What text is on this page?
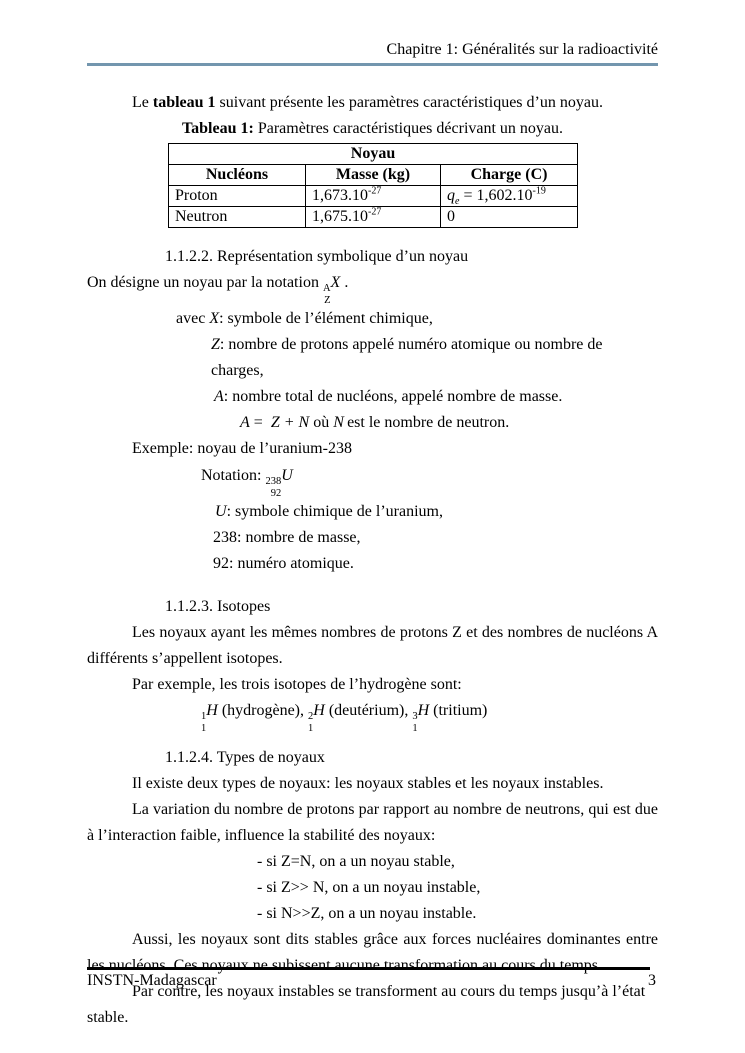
Chapitre 1: Généralités sur la radioactivité

Le tableau 1 suivant présente les paramètres caractéristiques d’un noyau.

Tableau 1: Paramètres caractéristiques décrivant un noyau.

Noyau		
Nucléons	Masse (kg)	Charge (C)
Proton	$1,673.10^{-27}$	$q_e = 1,602.10^{-19}$
Neutron	$1,675.10^{-27}$	0

1.1.2.2. Représentation symbolique d’un noyau

On désigne un noyau par la notation A
Z
X .

avec X: symbole de l’élément chimique,

Z: nombre de protons appelé numéro atomique ou nombre de charges,

A: nombre total de nucléons, appelé nombre de masse.

A =  Z + N où N est le nombre de neutron.

Exemple: noyau de l’uranium-238

Notation: 238
92
U

U: symbole chimique de l’uranium,

238: nombre de masse,

92: numéro atomique.

1.1.2.3. Isotopes

Les noyaux ayant les mêmes nombres de protons Z et des nombres de nucléons A différents s’appellent isotopes.

Par exemple, les trois isotopes de l’hydrogène sont:

1
1
H (hydrogène), 2
1
H (deutérium), 3
1
H (tritium)

1.1.2.4. Types de noyaux

Il existe deux types de noyaux: les noyaux stables et les noyaux instables.

La variation du nombre de protons par rapport au nombre de neutrons, qui est due à l’interaction faible, influence la stabilité des noyaux:

- si Z=N, on a un noyau stable,

- si Z>> N, on a un noyau instable,

- si N>>Z, on a un noyau instable.

Aussi, les noyaux sont dits stables grâce aux forces nucléaires dominantes entre les nucléons. Ces noyaux ne subissent aucune transformation au cours du temps.

Par contre, les noyaux instables se transforment au cours du temps jusqu’à l’état stable.

INSTN-Madagascar	3
